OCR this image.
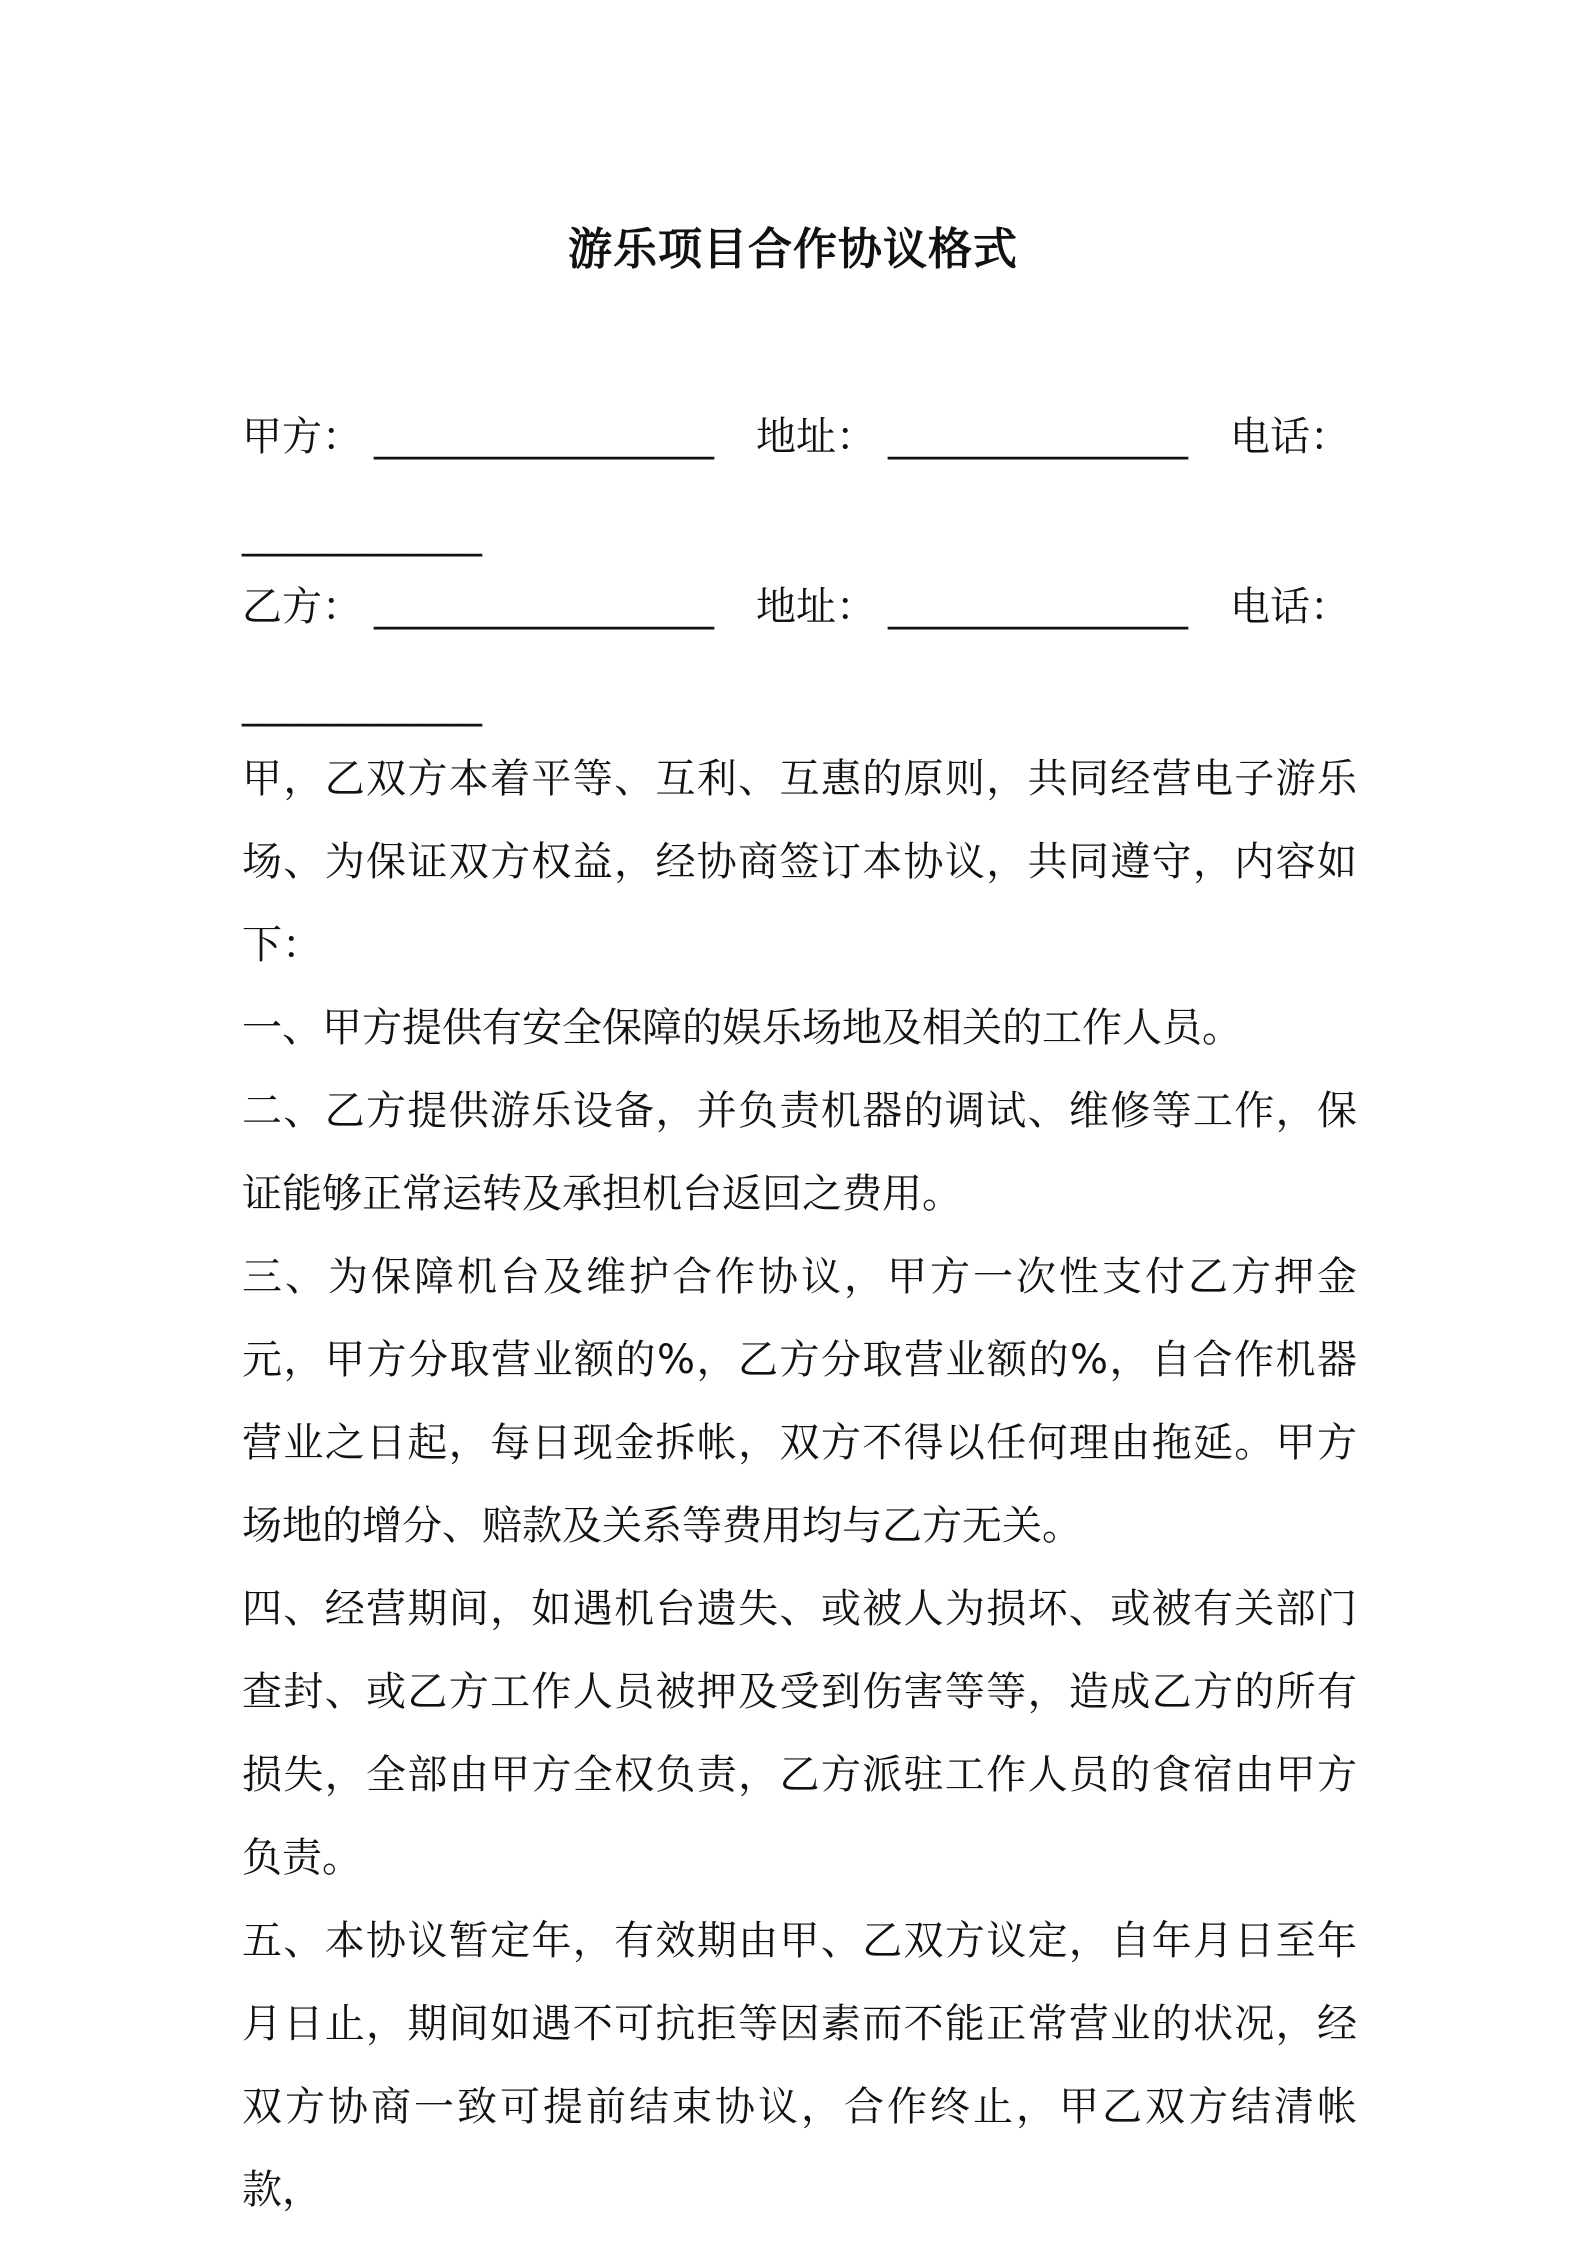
游乐项目合作协议格式
甲方： _________________ 地址： _______________ 电话：
____________
乙方： _________________ 地址： _______________ 电话：
____________

甲，乙双方本着平等、互利、互惠的原则，共同经营电子游乐场、为保证双方权益，经协商签订本协议，共同遵守，内容如下：

一、甲方提供有安全保障的娱乐场地及相关的工作人员。

二、乙方提供游乐设备，并负责机器的调试、维修等工作，保证能够正常运转及承担机台返回之费用。

三、为保障机台及维护合作协议，甲方一次性支付乙方押金元，甲方分取营业额的%，乙方分取营业额的%，自合作机器营业之日起，每日现金拆帐，双方不得以任何理由拖延。甲方场地的增分、赔款及关系等费用均与乙方无关。

四、经营期间，如遇机台遗失、或被人为损坏、或被有关部门查封、或乙方工作人员被押及受到伤害等等，造成乙方的所有损失，全部由甲方全权负责，乙方派驻工作人员的食宿由甲方负责。

五、本协议暂定年，有效期由甲、乙双方议定，自年月日至年月日止，期间如遇不可抗拒等因素而不能正常营业的状况，经双方协商一致可提前结束协议，合作终止，甲乙双方结清帐款，
